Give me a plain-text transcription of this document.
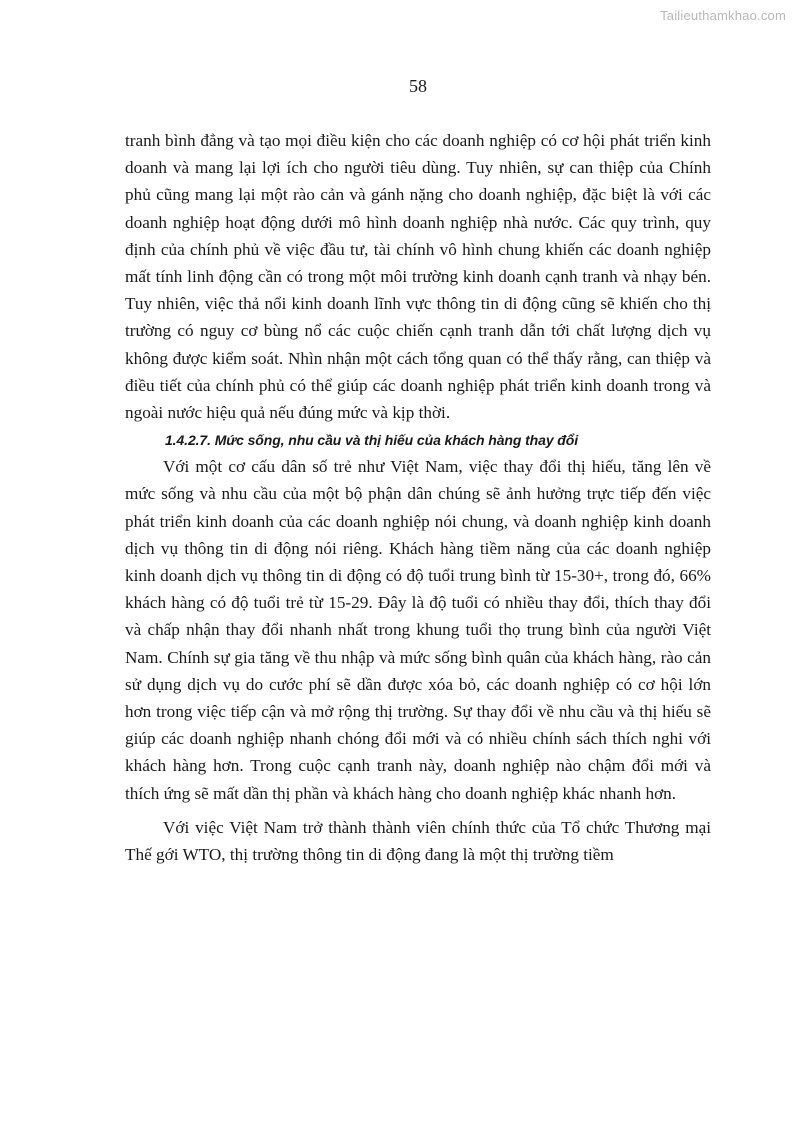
Tailieuthamkhao.com
58

tranh bình đẳng và tạo mọi điều kiện cho các doanh nghiệp có cơ hội phát triển kinh doanh và mang lại lợi ích cho người tiêu dùng. Tuy nhiên, sự can thiệp của Chính phủ cũng mang lại một rào cản và gánh nặng cho doanh nghiệp, đặc biệt là với các doanh nghiệp hoạt động dưới mô hình doanh nghiệp nhà nước. Các quy trình, quy định của chính phủ về việc đầu tư, tài chính vô hình chung khiến các doanh nghiệp mất tính linh động cần có trong một môi trường kinh doanh cạnh tranh và nhạy bén. Tuy nhiên, việc thả nổi kinh doanh lĩnh vực thông tin di động cũng sẽ khiến cho thị trường có nguy cơ bùng nổ các cuộc chiến cạnh tranh dẫn tới chất lượng dịch vụ không được kiểm soát. Nhìn nhận một cách tổng quan có thể thấy rằng, can thiệp và điều tiết của chính phủ có thể giúp các doanh nghiệp phát triển kinh doanh trong và ngoài nước hiệu quả nếu đúng mức và kịp thời.

1.4.2.7. Mức sống, nhu cầu và thị hiếu của khách hàng thay đổi

Với một cơ cấu dân số trẻ như Việt Nam, việc thay đổi thị hiếu, tăng lên về mức sống và nhu cầu của một bộ phận dân chúng sẽ ảnh hưởng trực tiếp đến việc phát triển kinh doanh của các doanh nghiệp nói chung, và doanh nghiệp kinh doanh dịch vụ thông tin di động nói riêng. Khách hàng tiềm năng của các doanh nghiệp kinh doanh dịch vụ thông tin di động có độ tuổi trung bình từ 15-30+, trong đó, 66% khách hàng có độ tuổi trẻ từ 15-29. Đây là độ tuổi có nhiều thay đổi, thích thay đổi và chấp nhận thay đổi nhanh nhất trong khung tuổi thọ trung bình của người Việt Nam. Chính sự gia tăng về thu nhập và mức sống bình quân của khách hàng, rào cản sử dụng dịch vụ do cước phí sẽ dần được xóa bỏ, các doanh nghiệp có cơ hội lớn hơn trong việc tiếp cận và mở rộng thị trường. Sự thay đổi về nhu cầu và thị hiếu sẽ giúp các doanh nghiệp nhanh chóng đổi mới và có nhiều chính sách thích nghi với khách hàng hơn. Trong cuộc cạnh tranh này, doanh nghiệp nào chậm đổi mới và thích ứng sẽ mất dần thị phần và khách hàng cho doanh nghiệp khác nhanh hơn.

Với việc Việt Nam trở thành thành viên chính thức của Tổ chức Thương mại Thế gới WTO, thị trường thông tin di động đang là một thị trường tiềm
